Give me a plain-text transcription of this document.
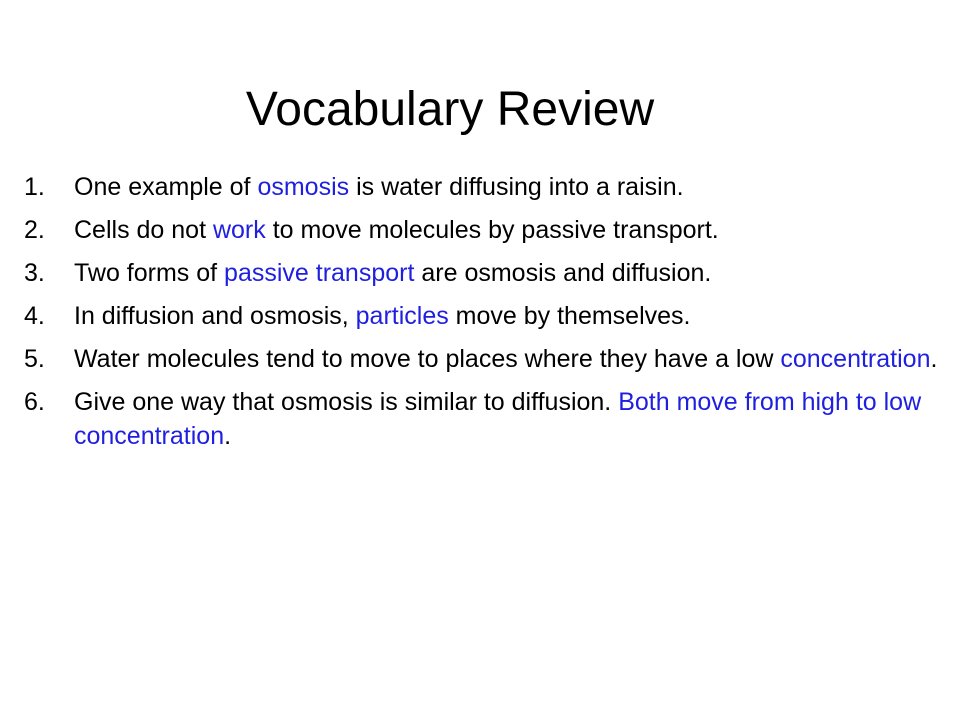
Vocabulary Review
1.	One example of osmosis is water diffusing into a raisin.
2.	Cells do not work to move molecules by passive transport.
3.	Two forms of passive transport are osmosis and diffusion.
4.	In diffusion and osmosis, particles move by themselves.
5.	Water molecules tend to move to places where they have a low concentration.
6.	Give one way that osmosis is similar to diffusion. Both move from high to low concentration.
